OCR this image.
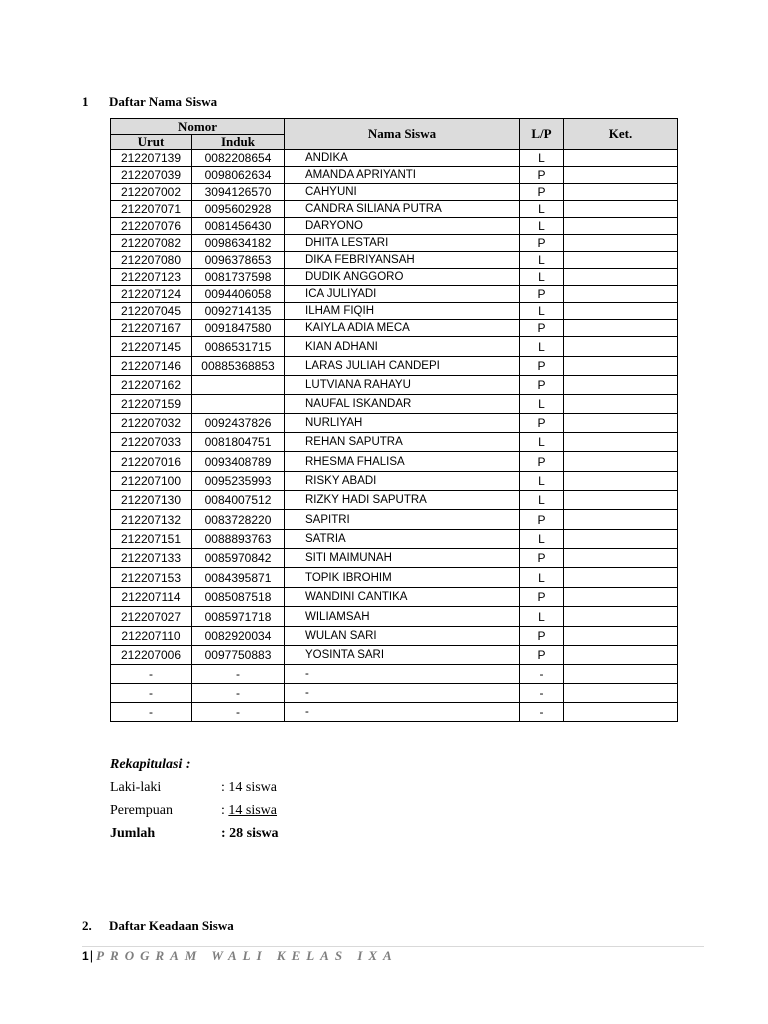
1 Daftar Nama Siswa
Nomor		Nama Siswa	L/P	Ket.
Urut	Induk			
212207139	0082208654	ANDIKA	L	
212207039	0098062634	AMANDA APRIYANTI	P	
212207002	3094126570	CAHYUNI	P	
212207071	0095602928	CANDRA SILIANA PUTRA	L	
212207076	0081456430	DARYONO	L	
212207082	0098634182	DHITA LESTARI	P	
212207080	0096378653	DIKA FEBRIYANSAH	L	
212207123	0081737598	DUDIK ANGGORO	L	
212207124	0094406058	ICA JULIYADI	P	
212207045	0092714135	ILHAM FIQIH	L	
212207167	0091847580	KAIYLA ADIA MECA	P	
212207145	0086531715	KIAN ADHANI	L	
212207146	00885368853	LARAS JULIAH CANDEPI	P	
212207162		LUTVIANA RAHAYU	P	
212207159		NAUFAL ISKANDAR	L	
212207032	0092437826	NURLIYAH	P	
212207033	0081804751	REHAN SAPUTRA	L	
212207016	0093408789	RHESMA FHALISA	P	
212207100	0095235993	RISKY ABADI	L	
212207130	0084007512	RIZKY HADI SAPUTRA	L	
212207132	0083728220	SAPITRI	P	
212207151	0088893763	SATRIA	L	
212207133	0085970842	SITI MAIMUNAH	P	
212207153	0084395871	TOPIK IBROHIM	L	
212207114	0085087518	WANDINI CANTIKA	P	
212207027	0085971718	WILIAMSAH	L	
212207110	0082920034	WULAN SARI	P	
212207006	0097750883	YOSINTA SARI	P	
-	-	-	-	
-	-	-	-	
-	-	-	-	
Rekapitulasi :
Laki-laki	: 14 siswa
Perempuan	: 14 siswa
Jumlah	: 28 siswa
2. Daftar Keadaan Siswa
1| PROGRAM WALI KELAS IXA
